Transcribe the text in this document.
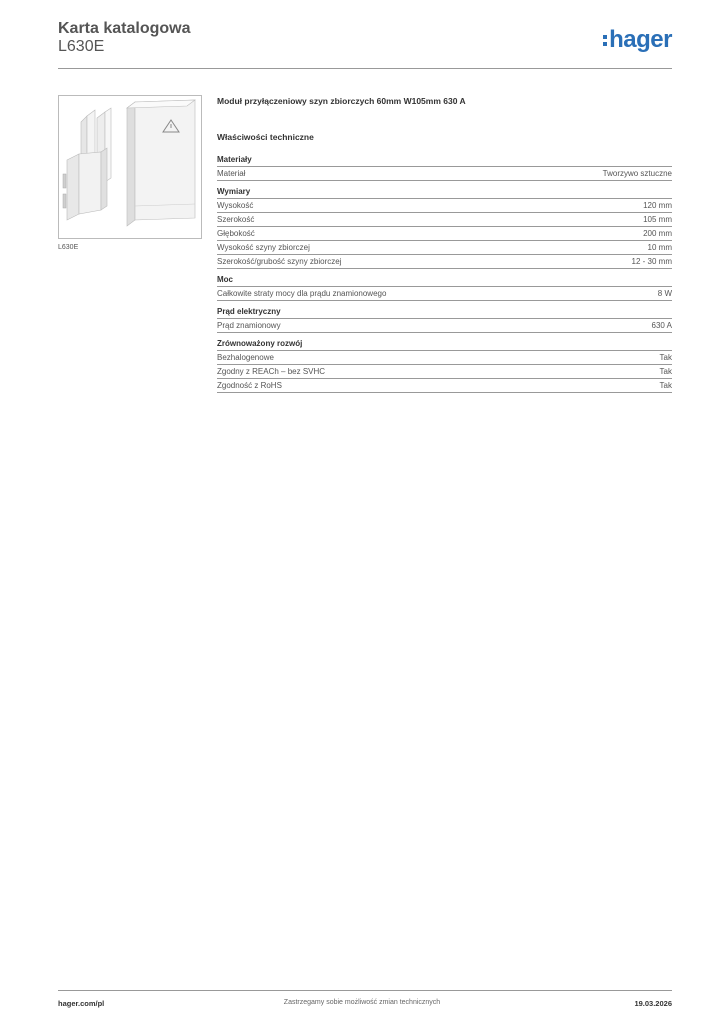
Karta katalogowa
L630E	hager
L630E
Moduł przyłączeniowy szyn zbiorczych 60mm W105mm 630 A
Właściwości techniczne
Materiały
Materiał	Tworzywo sztuczne
Wymiary
Wysokość	120 mm
Szerokość	105 mm
Głębokość	200 mm
Wysokość szyny zbiorczej	10 mm
Szerokość/grubość szyny zbiorczej	12 - 30 mm
Moc
Całkowite straty mocy dla prądu znamionowego	8 W
Prąd elektryczny
Prąd znamionowy	630 A
Zrównoważony rozwój
Bezhalogenowe	Tak
Zgodny z REACh – bez SVHC	Tak
Zgodność z RoHS	Tak
hager.com/pl	Zastrzegamy sobie możliwość zmian technicznych	19.03.2026
